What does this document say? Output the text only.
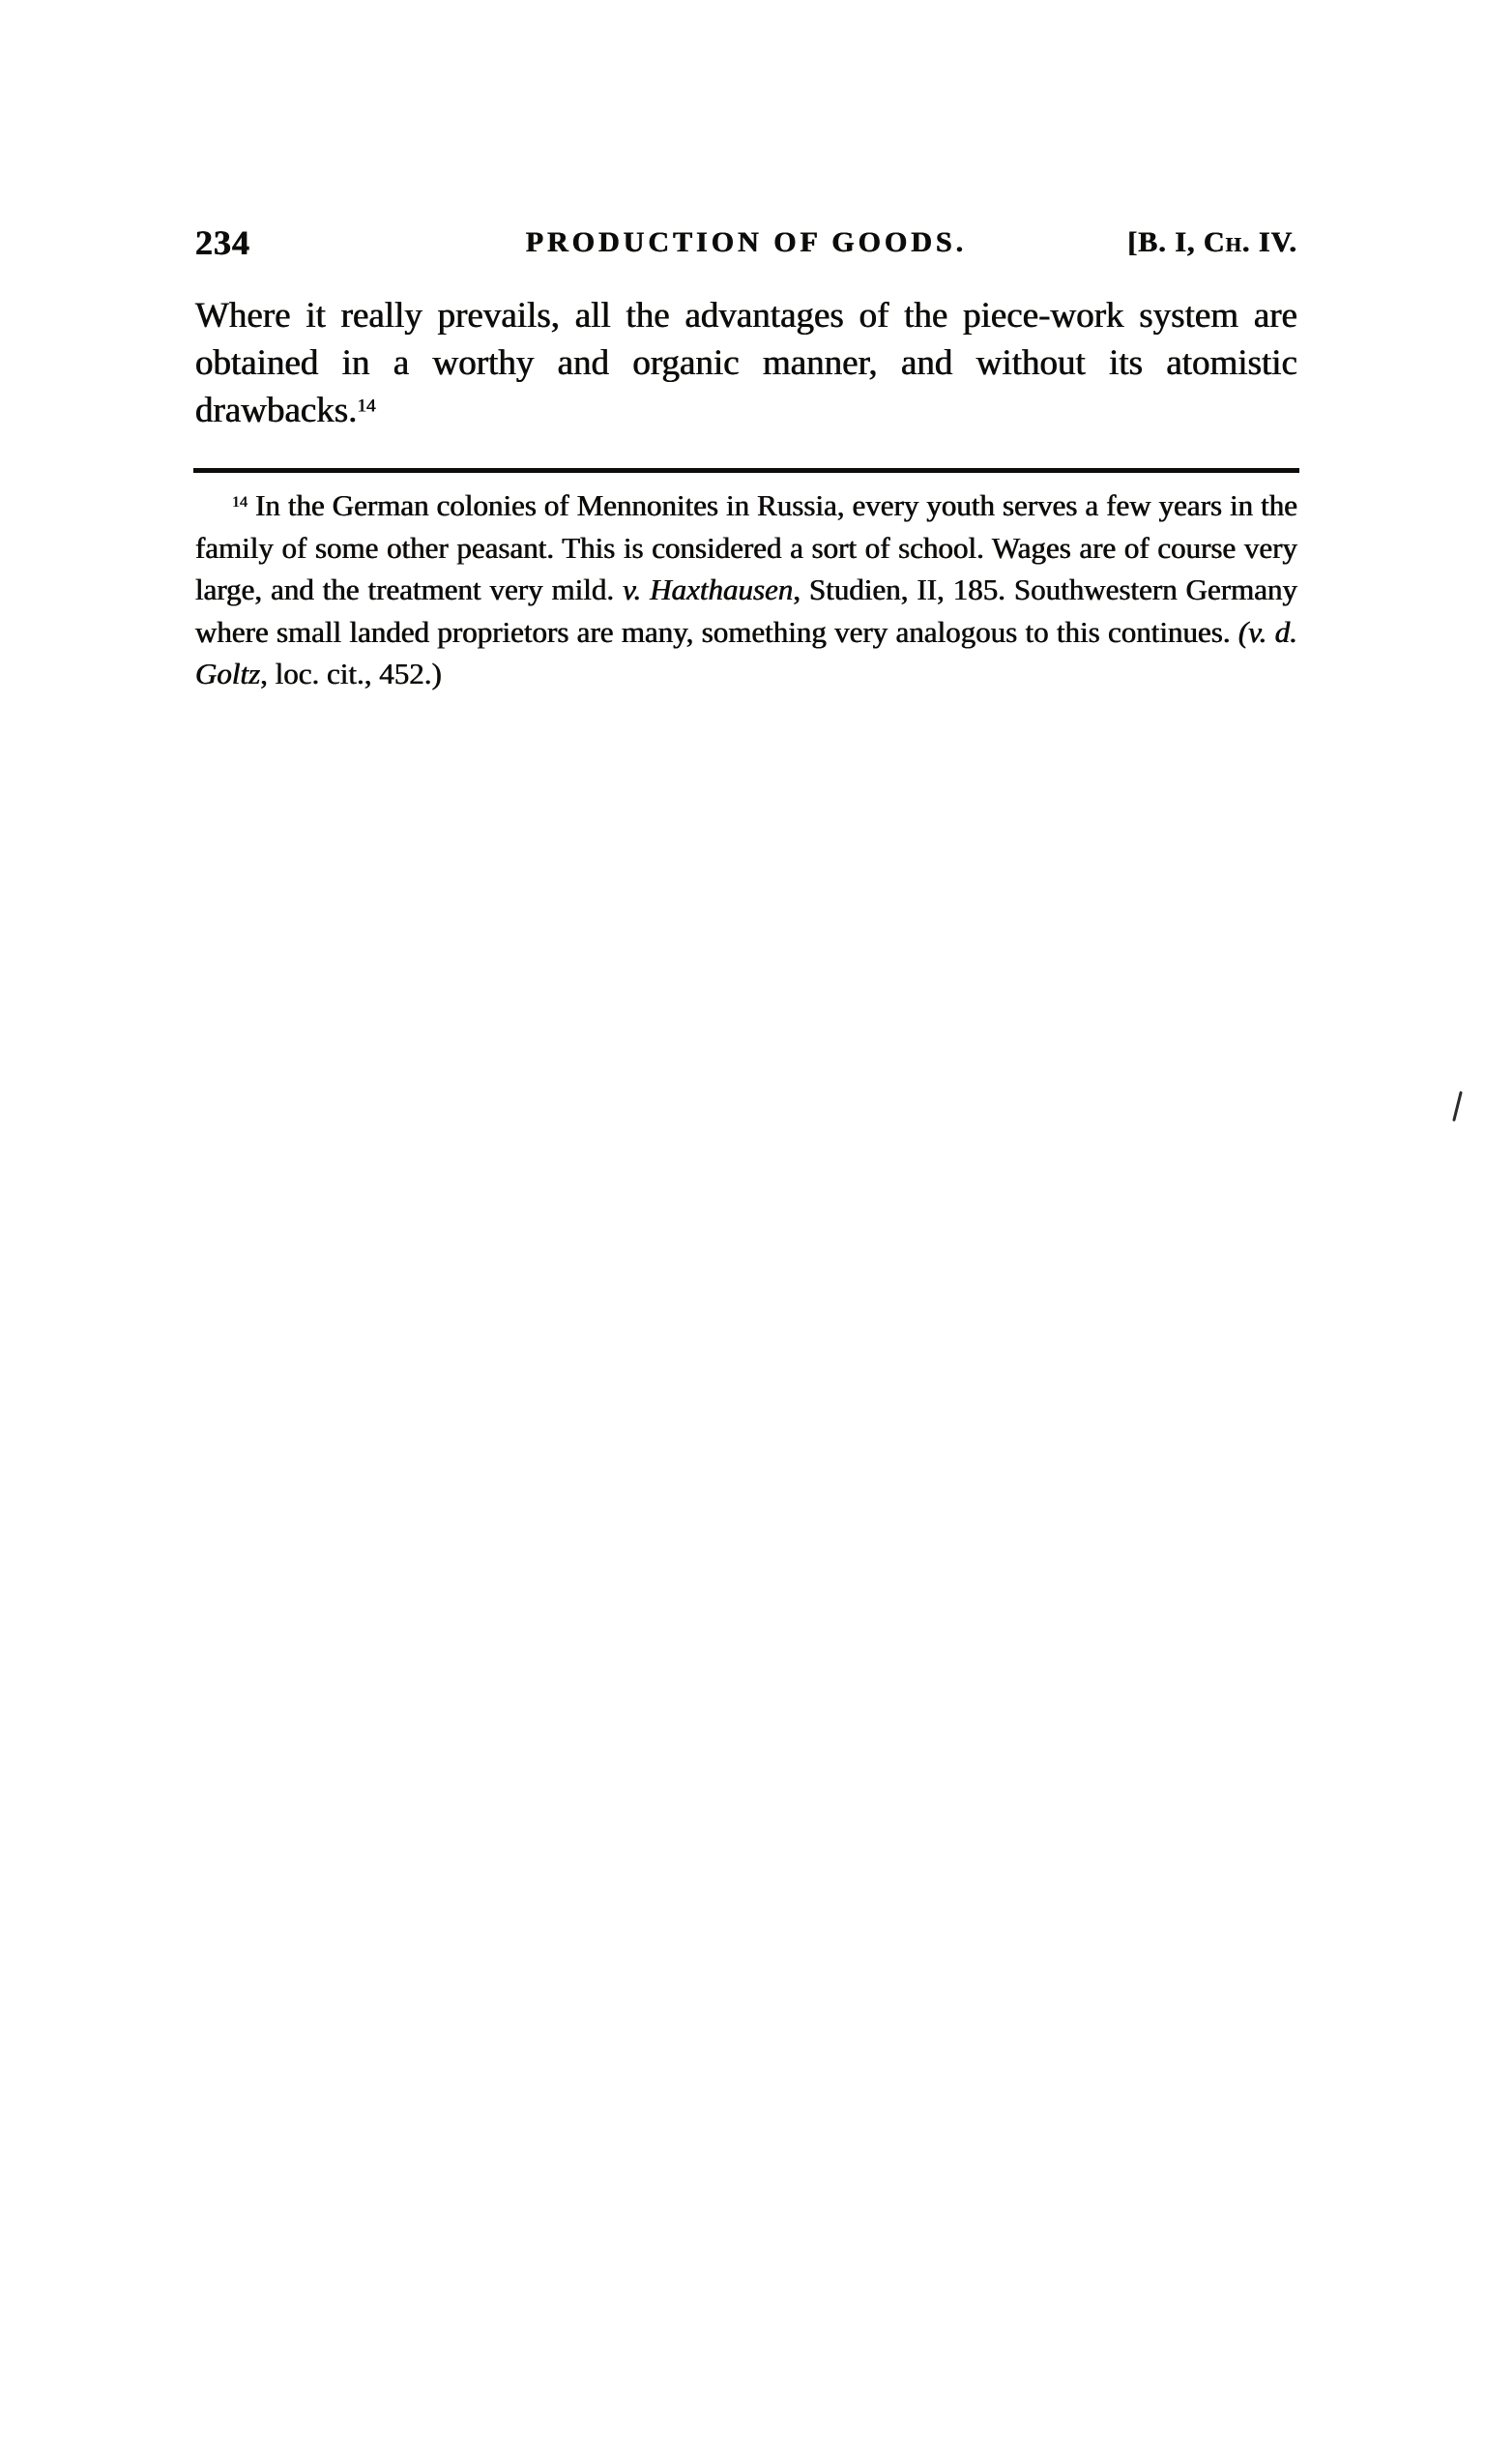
234	PRODUCTION OF GOODS.	[B. I, Ch. IV.

Where it really prevails, all the advantages of the piece-work system are obtained in a worthy and organic manner, and without its atomistic drawbacks.$^{14}$

$^{14}$ In the German colonies of Mennonites in Russia, every youth serves a few years in the family of some other peasant. This is considered a sort of school. Wages are of course very large, and the treatment very mild. v. Haxthausen, Studien, II, 185. Southwestern Germany where small landed proprietors are many, something very analogous to this continues. (v. d. Goltz, loc. cit., 452.)
